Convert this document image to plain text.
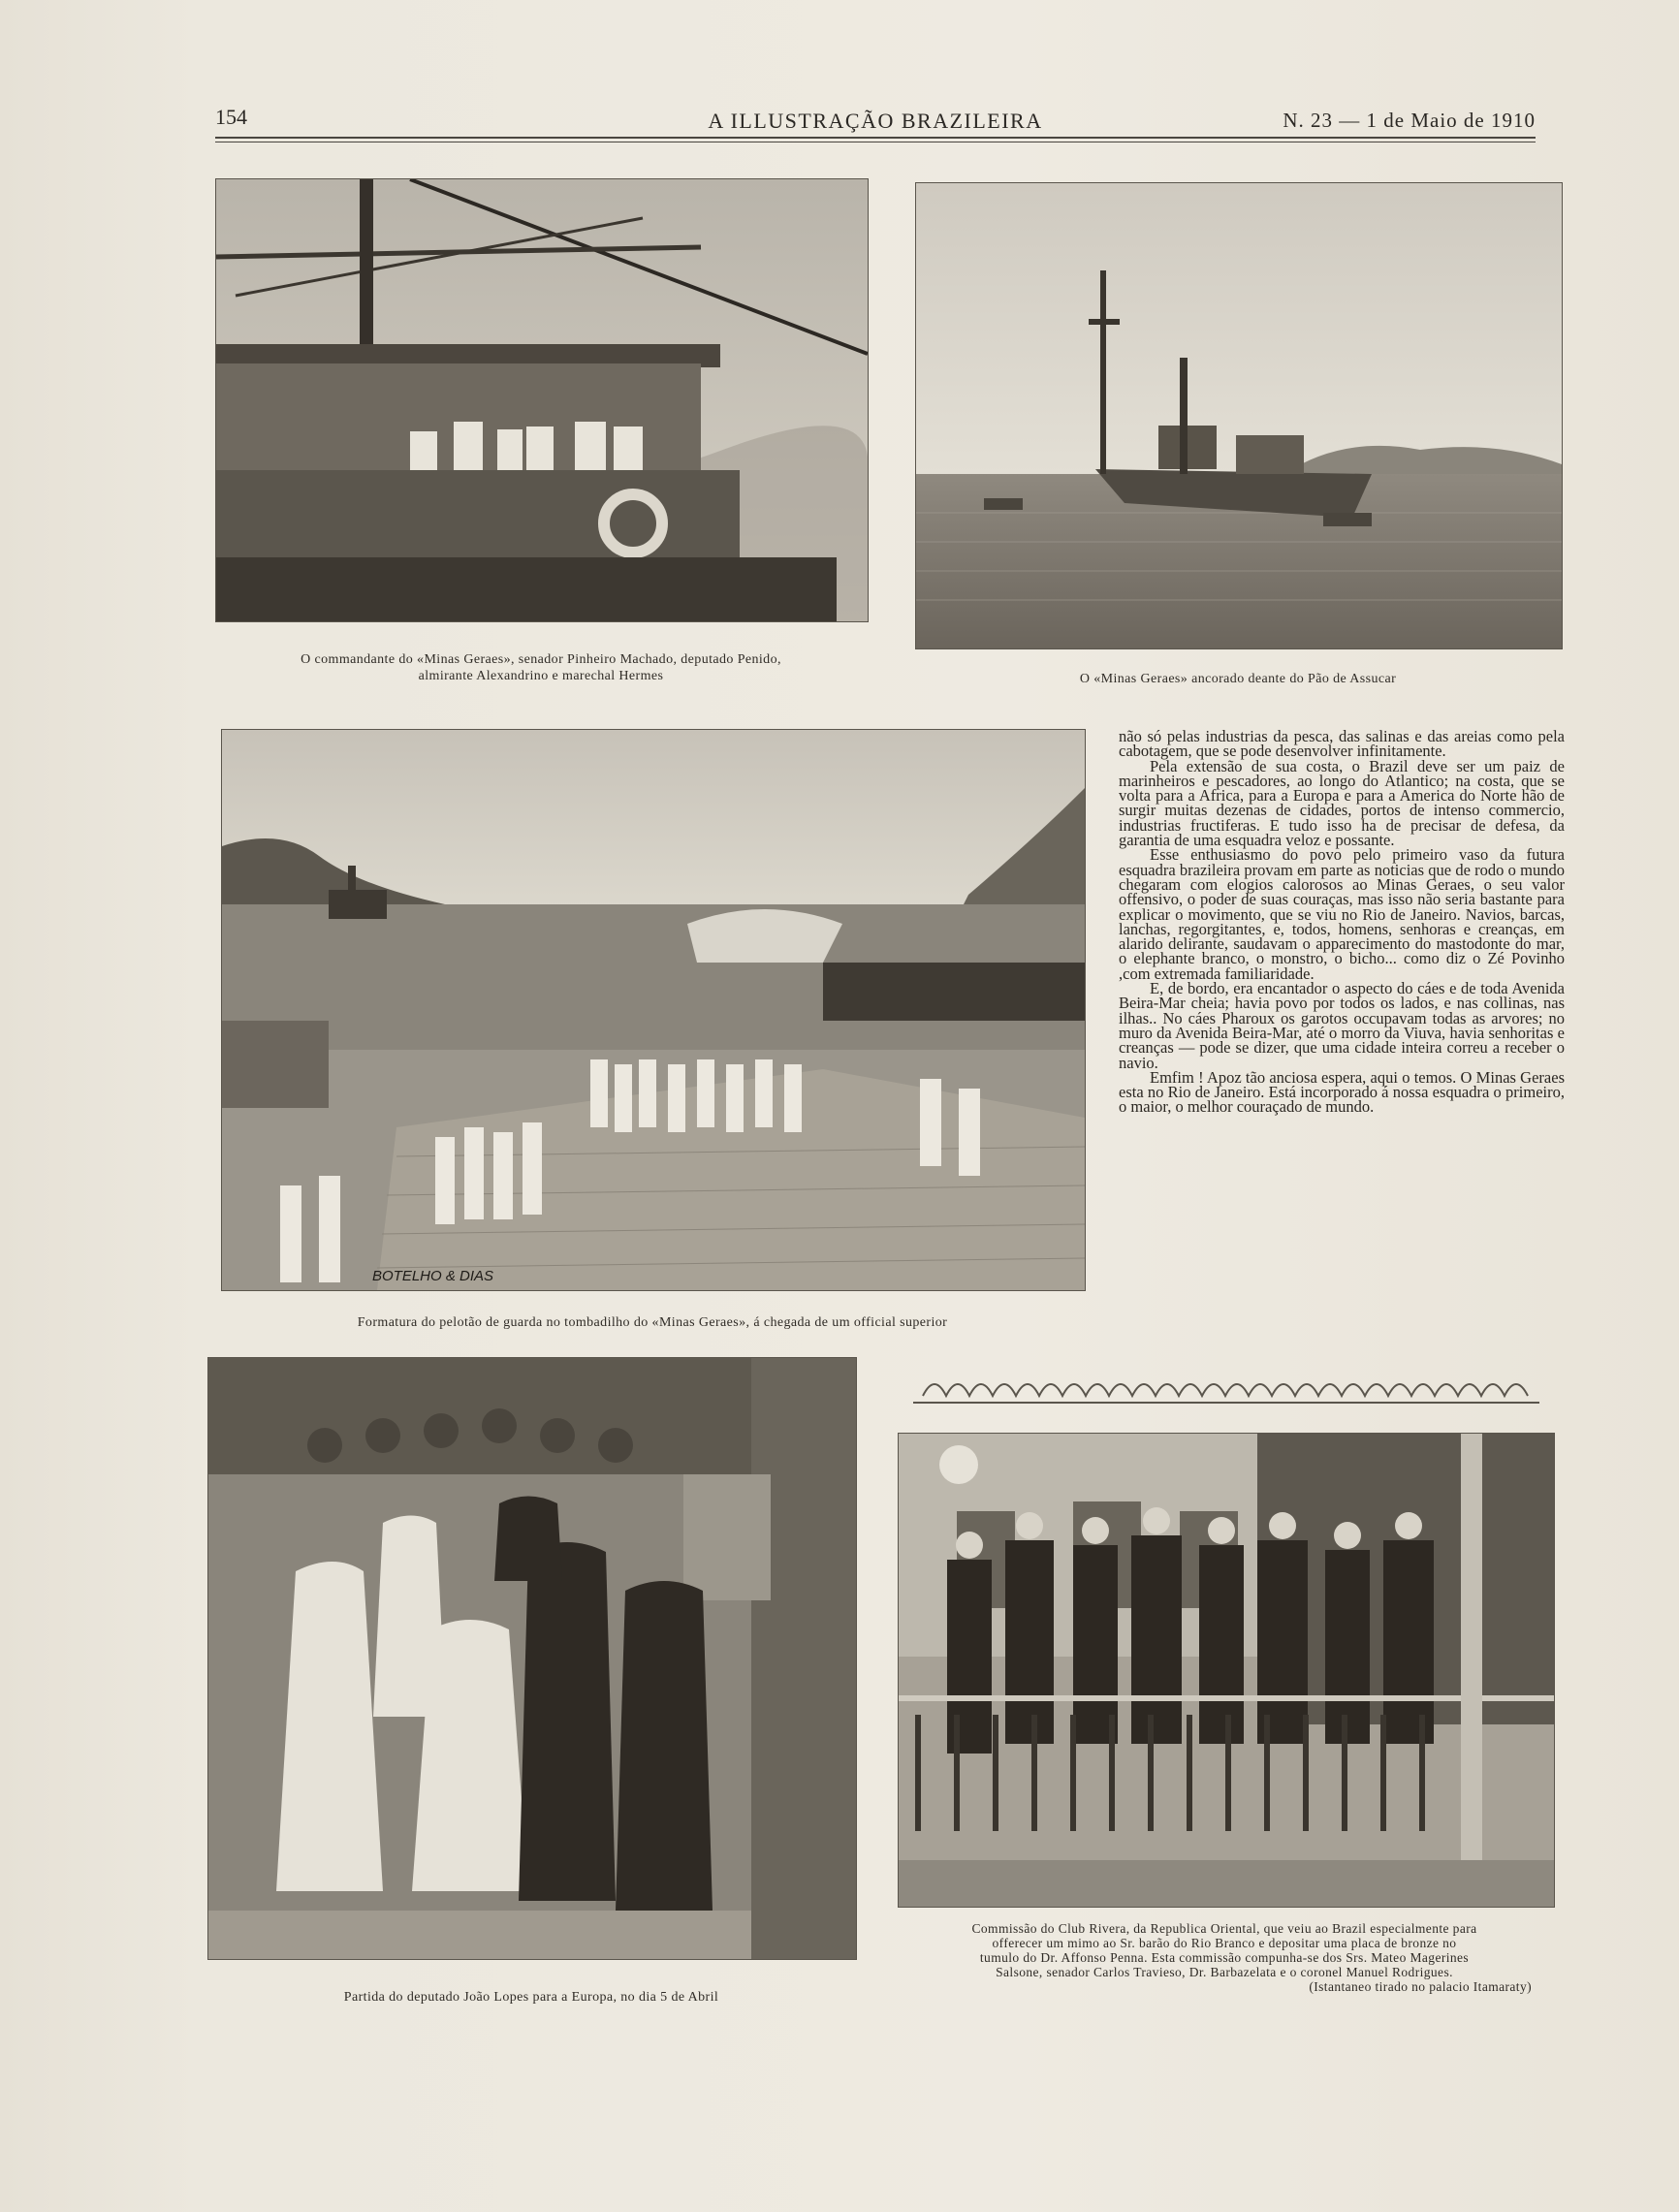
154	A ILLUSTRAÇÃO BRAZILEIRA	N. 23 — 1 de Maio de 1910
O commandante do «Minas Geraes», senador Pinheiro Machado, deputado Penido,
almirante Alexandrino e marechal Hermes	O «Minas Geraes» ancorado deante do Pão de Assucar
BOTELHO & DIAS
Formatura do pelotão de guarda no tombadilho do «Minas Geraes», á chegada de um official superior

não só pelas industrias da pesca, das salinas e das areias como pela cabotagem, que se pode desenvolver infinitamente.

Pela extensão de sua costa, o Brazil deve ser um paiz de marinheiros e pescadores, ao longo do Atlantico; na costa, que se volta para a Africa, para a Europa e para a America do Norte hão de surgir muitas dezenas de cidades, portos de intenso commercio, industrias fructiferas. E tudo isso ha de precisar de defesa, da garantia de uma esquadra veloz e possante.

Esse enthusiasmo do povo pelo primeiro vaso da futura esquadra brazileira provam em parte as noticias que de rodo o mundo chegaram com elogios calorosos ao Minas Geraes, o seu valor offensivo, o poder de suas couraças, mas isso não seria bastante para explicar o movimento, que se viu no Rio de Janeiro. Navios, barcas, lanchas, regorgitantes, e, todos, homens, senhoras e creanças, em alarido delirante, saudavam o apparecimento do mastodonte do mar, o elephante branco, o monstro, o bicho... como diz o Zé Povinho ,com extremada familiaridade.

E, de bordo, era encantador o aspecto do cáes e de toda Avenida Beira-Mar cheia; havia povo por todos os lados, e nas collinas, nas ilhas.. No cáes Pharoux os garotos occupavam todas as arvores; no muro da Avenida Beira-Mar, até o morro da Viuva, havia senhoritas e creanças — pode se dizer, que uma cidade inteira correu a receber o navio.

Emfim ! Apoz tão anciosa espera, aqui o temos. O Minas Geraes esta no Rio de Janeiro. Está incorporado á nossa esquadra o primeiro, o maior, o melhor couraçado de mundo.

Partida do deputado João Lopes para a Europa, no dia 5 de Abril
Commissão do Club Rivera, da Republica Oriental, que veiu ao Brazil especialmente para
offerecer um mimo ao Sr. barão do Rio Branco e depositar uma placa de bronze no
tumulo do Dr. Affonso Penna. Esta commissão compunha-se dos Srs. Mateo Magerines
Salsone, senador Carlos Travieso, Dr. Barbazelata e o coronel Manuel Rodrigues.
(Istantaneo tirado no palacio Itamaraty)
